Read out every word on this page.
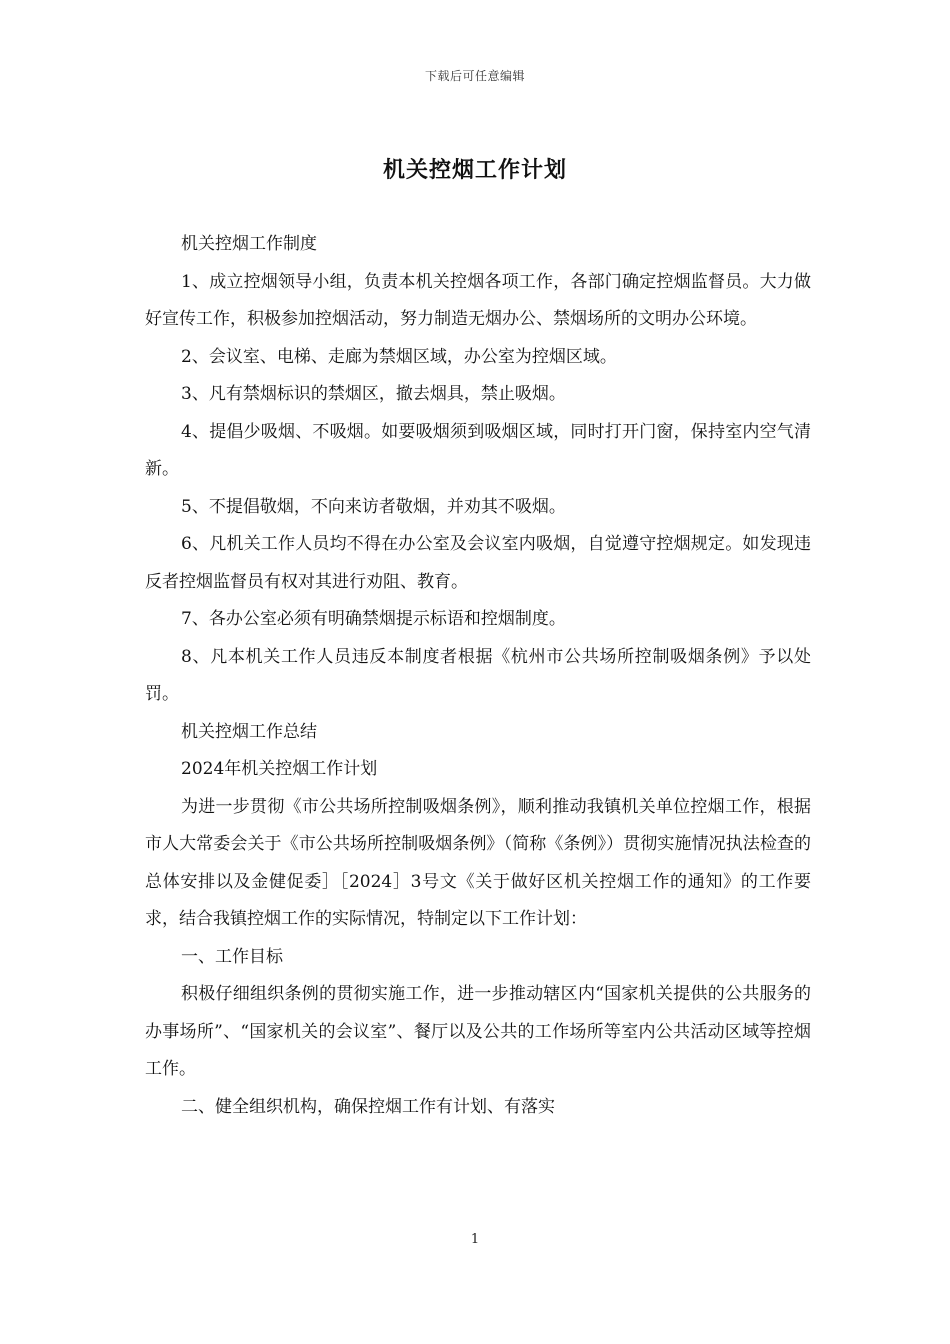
下载后可任意编辑
机关控烟工作计划

机关控烟工作制度

1、成立控烟领导小组，负责本机关控烟各项工作，各部门确定控烟监督员。大力做好宣传工作，积极参加控烟活动，努力制造无烟办公、禁烟场所的文明办公环境。

2、会议室、电梯、走廊为禁烟区域，办公室为控烟区域。

3、凡有禁烟标识的禁烟区，撤去烟具，禁止吸烟。

4、提倡少吸烟、不吸烟。如要吸烟须到吸烟区域，同时打开门窗，保持室内空气清新。

5、不提倡敬烟，不向来访者敬烟，并劝其不吸烟。

6、凡机关工作人员均不得在办公室及会议室内吸烟，自觉遵守控烟规定。如发现违反者控烟监督员有权对其进行劝阻、教育。

7、各办公室必须有明确禁烟提示标语和控烟制度。

8、凡本机关工作人员违反本制度者根据《杭州市公共场所控制吸烟条例》予以处罚。

机关控烟工作总结

2024年机关控烟工作计划

为进一步贯彻《市公共场所控制吸烟条例》，顺利推动我镇机关单位控烟工作，根据市人大常委会关于《市公共场所控制吸烟条例》（简称《条例》）贯彻实施情况执法检查的总体安排以及金健促委］［2024］3号文《关于做好区机关控烟工作的通知》的工作要求，结合我镇控烟工作的实际情况，特制定以下工作计划：

一、工作目标

积极仔细组织条例的贯彻实施工作，进一步推动辖区内“国家机关提供的公共服务的办事场所”、“国家机关的会议室”、餐厅以及公共的工作场所等室内公共活动区域等控烟工作。

二、健全组织机构，确保控烟工作有计划、有落实

1
